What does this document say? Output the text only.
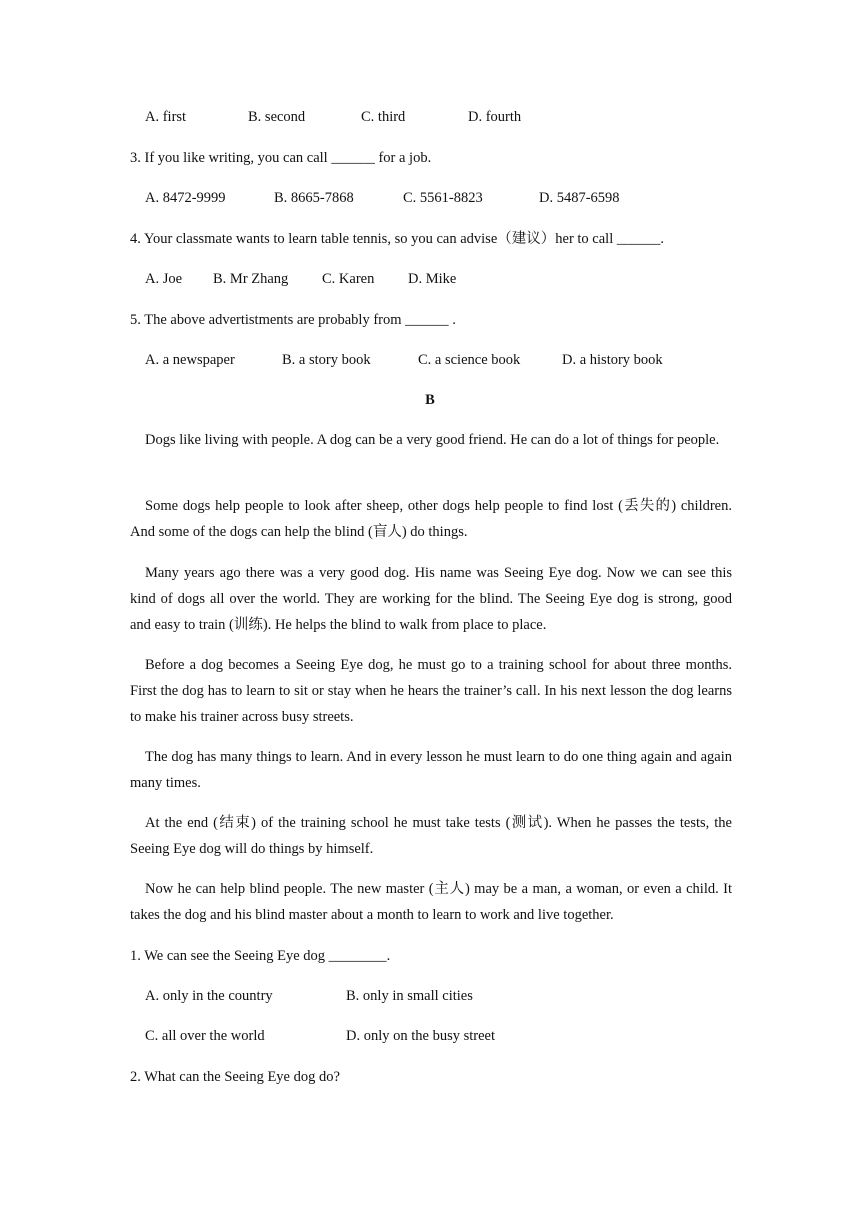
A. first	B. second	C. third	D. fourth
3. If you like writing, you can call ______ for a job.
A. 8472-9999	B. 8665-7868	C. 5561-8823	D. 5487-6598
4. Your classmate wants to learn table tennis, so you can advise（建议）her to call ______.
A. Joe B. Mr Zhang C. Karen D. Mike
5. The above advertistments are probably from ______ .
A. a newspaper	B. a story book	C. a science book	D. a history book
B
Dogs like living with people. A dog can be a very good friend. He can do a lot of things for people.
Some dogs help people to look after sheep, other dogs help people to find lost (丢失的) children. And some of the dogs can help the blind (盲人) do things.
Many years ago there was a very good dog. His name was Seeing Eye dog. Now we can see this kind of dogs all over the world. They are working for the blind. The Seeing Eye dog is strong, good and easy to train (训练). He helps the blind to walk from place to place.
Before a dog becomes a Seeing Eye dog, he must go to a training school for about three months. First the dog has to learn to sit or stay when he hears the trainer’s call. In his next lesson the dog learns to make his trainer across busy streets.
The dog has many things to learn. And in every lesson he must learn to do one thing again and again many times.
At the end (结束) of the training school he must take tests (测试). When he passes the tests, the Seeing Eye dog will do things by himself.
Now he can help blind people. The new master (主人) may be a man, a woman, or even a child. It takes the dog and his blind master about a month to learn to work and live together.
1. We can see the Seeing Eye dog ________.
A. only in the country	B. only in small cities
C. all over the world	D. only on the busy street
2. What can the Seeing Eye dog do?
